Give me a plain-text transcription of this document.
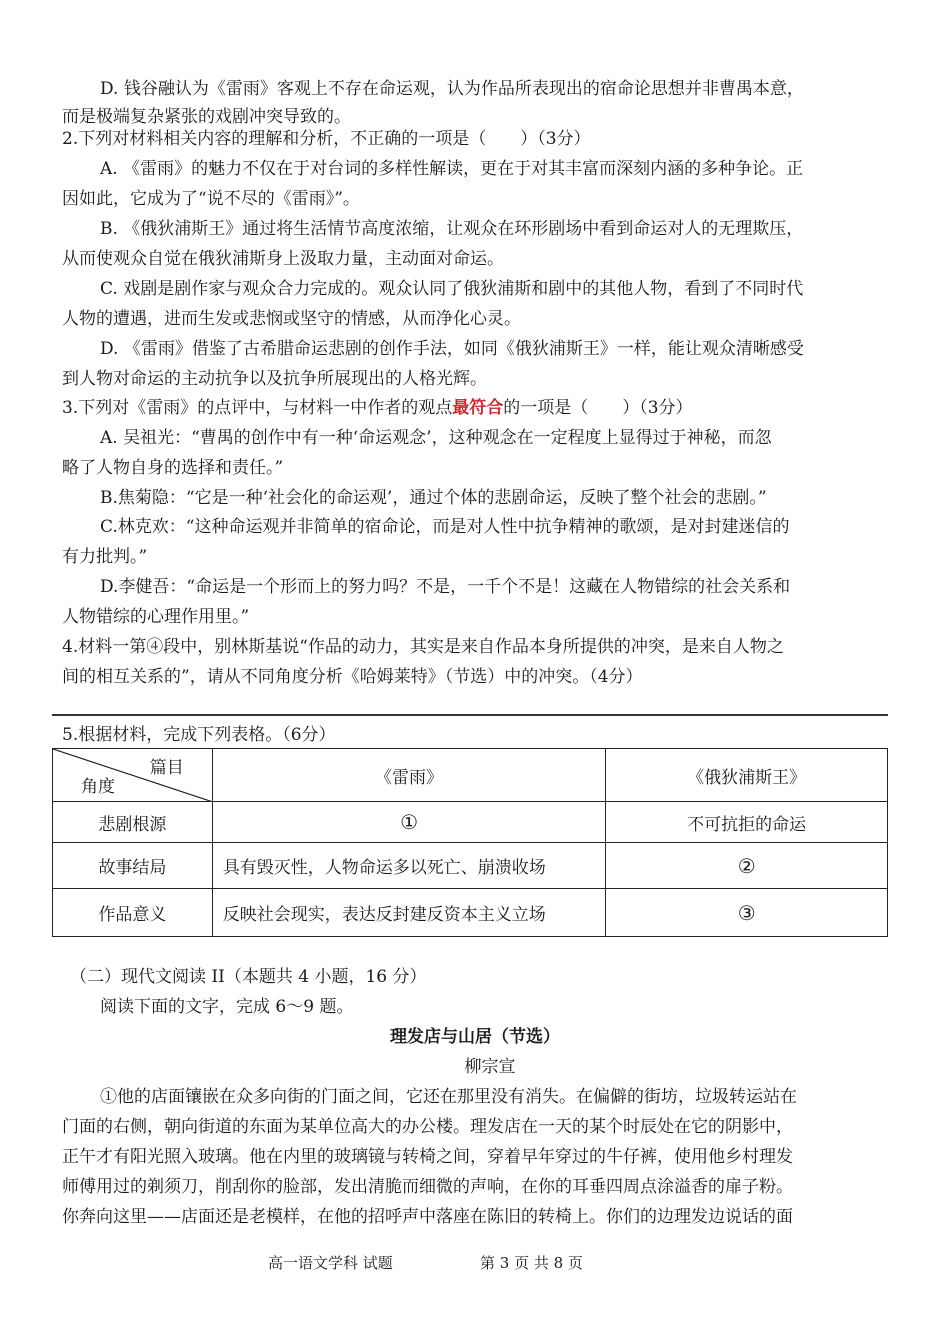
D. 钱谷融认为《雷雨》客观上不存在命运观，认为作品所表现出的宿命论思想并非曹禺本意，
而是极端复杂紧张的戏剧冲突导致的。
2.下列对材料相关内容的理解和分析，不正确的一项是（　　）（3分）
A. 《雷雨》的魅力不仅在于对台词的多样性解读，更在于对其丰富而深刻内涵的多种争论。正
因如此，它成为了“说不尽的《雷雨》”。
B. 《俄狄浦斯王》通过将生活情节高度浓缩，让观众在环形剧场中看到命运对人的无理欺压，
从而使观众自觉在俄狄浦斯身上汲取力量，主动面对命运。
C. 戏剧是剧作家与观众合力完成的。观众认同了俄狄浦斯和剧中的其他人物，看到了不同时代
人物的遭遇，进而生发或悲悯或坚守的情感，从而净化心灵。
D. 《雷雨》借鉴了古希腊命运悲剧的创作手法，如同《俄狄浦斯王》一样，能让观众清晰感受
到人物对命运的主动抗争以及抗争所展现出的人格光辉。
3.下列对《雷雨》的点评中，与材料一中作者的观点最符合的一项是（　　）（3分）
A. 吴祖光：“曹禺的创作中有一种‘命运观念’，这种观念在一定程度上显得过于神秘，而忽
略了人物自身的选择和责任。”
B.焦菊隐：“它是一种‘社会化的命运观’，通过个体的悲剧命运，反映了整个社会的悲剧。”
C.林克欢：“这种命运观并非简单的宿命论，而是对人性中抗争精神的歌颂，是对封建迷信的
有力批判。”
D.李健吾：“命运是一个形而上的努力吗？不是，一千个不是！这藏在人物错综的社会关系和
人物错综的心理作用里。”
4.材料一第④段中，别林斯基说“作品的动力，其实是来自作品本身所提供的冲突，是来自人物之
间的相互关系的”，请从不同角度分析《哈姆莱特》（节选）中的冲突。（4分）
5.根据材料，完成下列表格。（6分）
篇目
角度	《雷雨》	《俄狄浦斯王》
悲剧根源	①	不可抗拒的命运
故事结局	具有毁灭性，人物命运多以死亡、崩溃收场	②
作品意义	反映社会现实，表达反封建反资本主义立场	③
（二）现代文阅读 II（本题共 4 小题，16 分）
阅读下面的文字，完成 6～9 题。
理发店与山居（节选）
柳宗宣
①他的店面镶嵌在众多向街的门面之间，它还在那里没有消失。在偏僻的街坊，垃圾转运站在
门面的右侧，朝向街道的东面为某单位高大的办公楼。理发店在一天的某个时辰处在它的阴影中，
正午才有阳光照入玻璃。他在内里的玻璃镜与转椅之间，穿着早年穿过的牛仔裤，使用他乡村理发
师傅用过的剃须刀，削刮你的脸部，发出清脆而细微的声响，在你的耳垂四周点涂溢香的扉子粉。
你奔向这里——店面还是老模样，在他的招呼声中落座在陈旧的转椅上。你们的边理发边说话的面
高一语文学科 试题	第 3 页 共 8 页
